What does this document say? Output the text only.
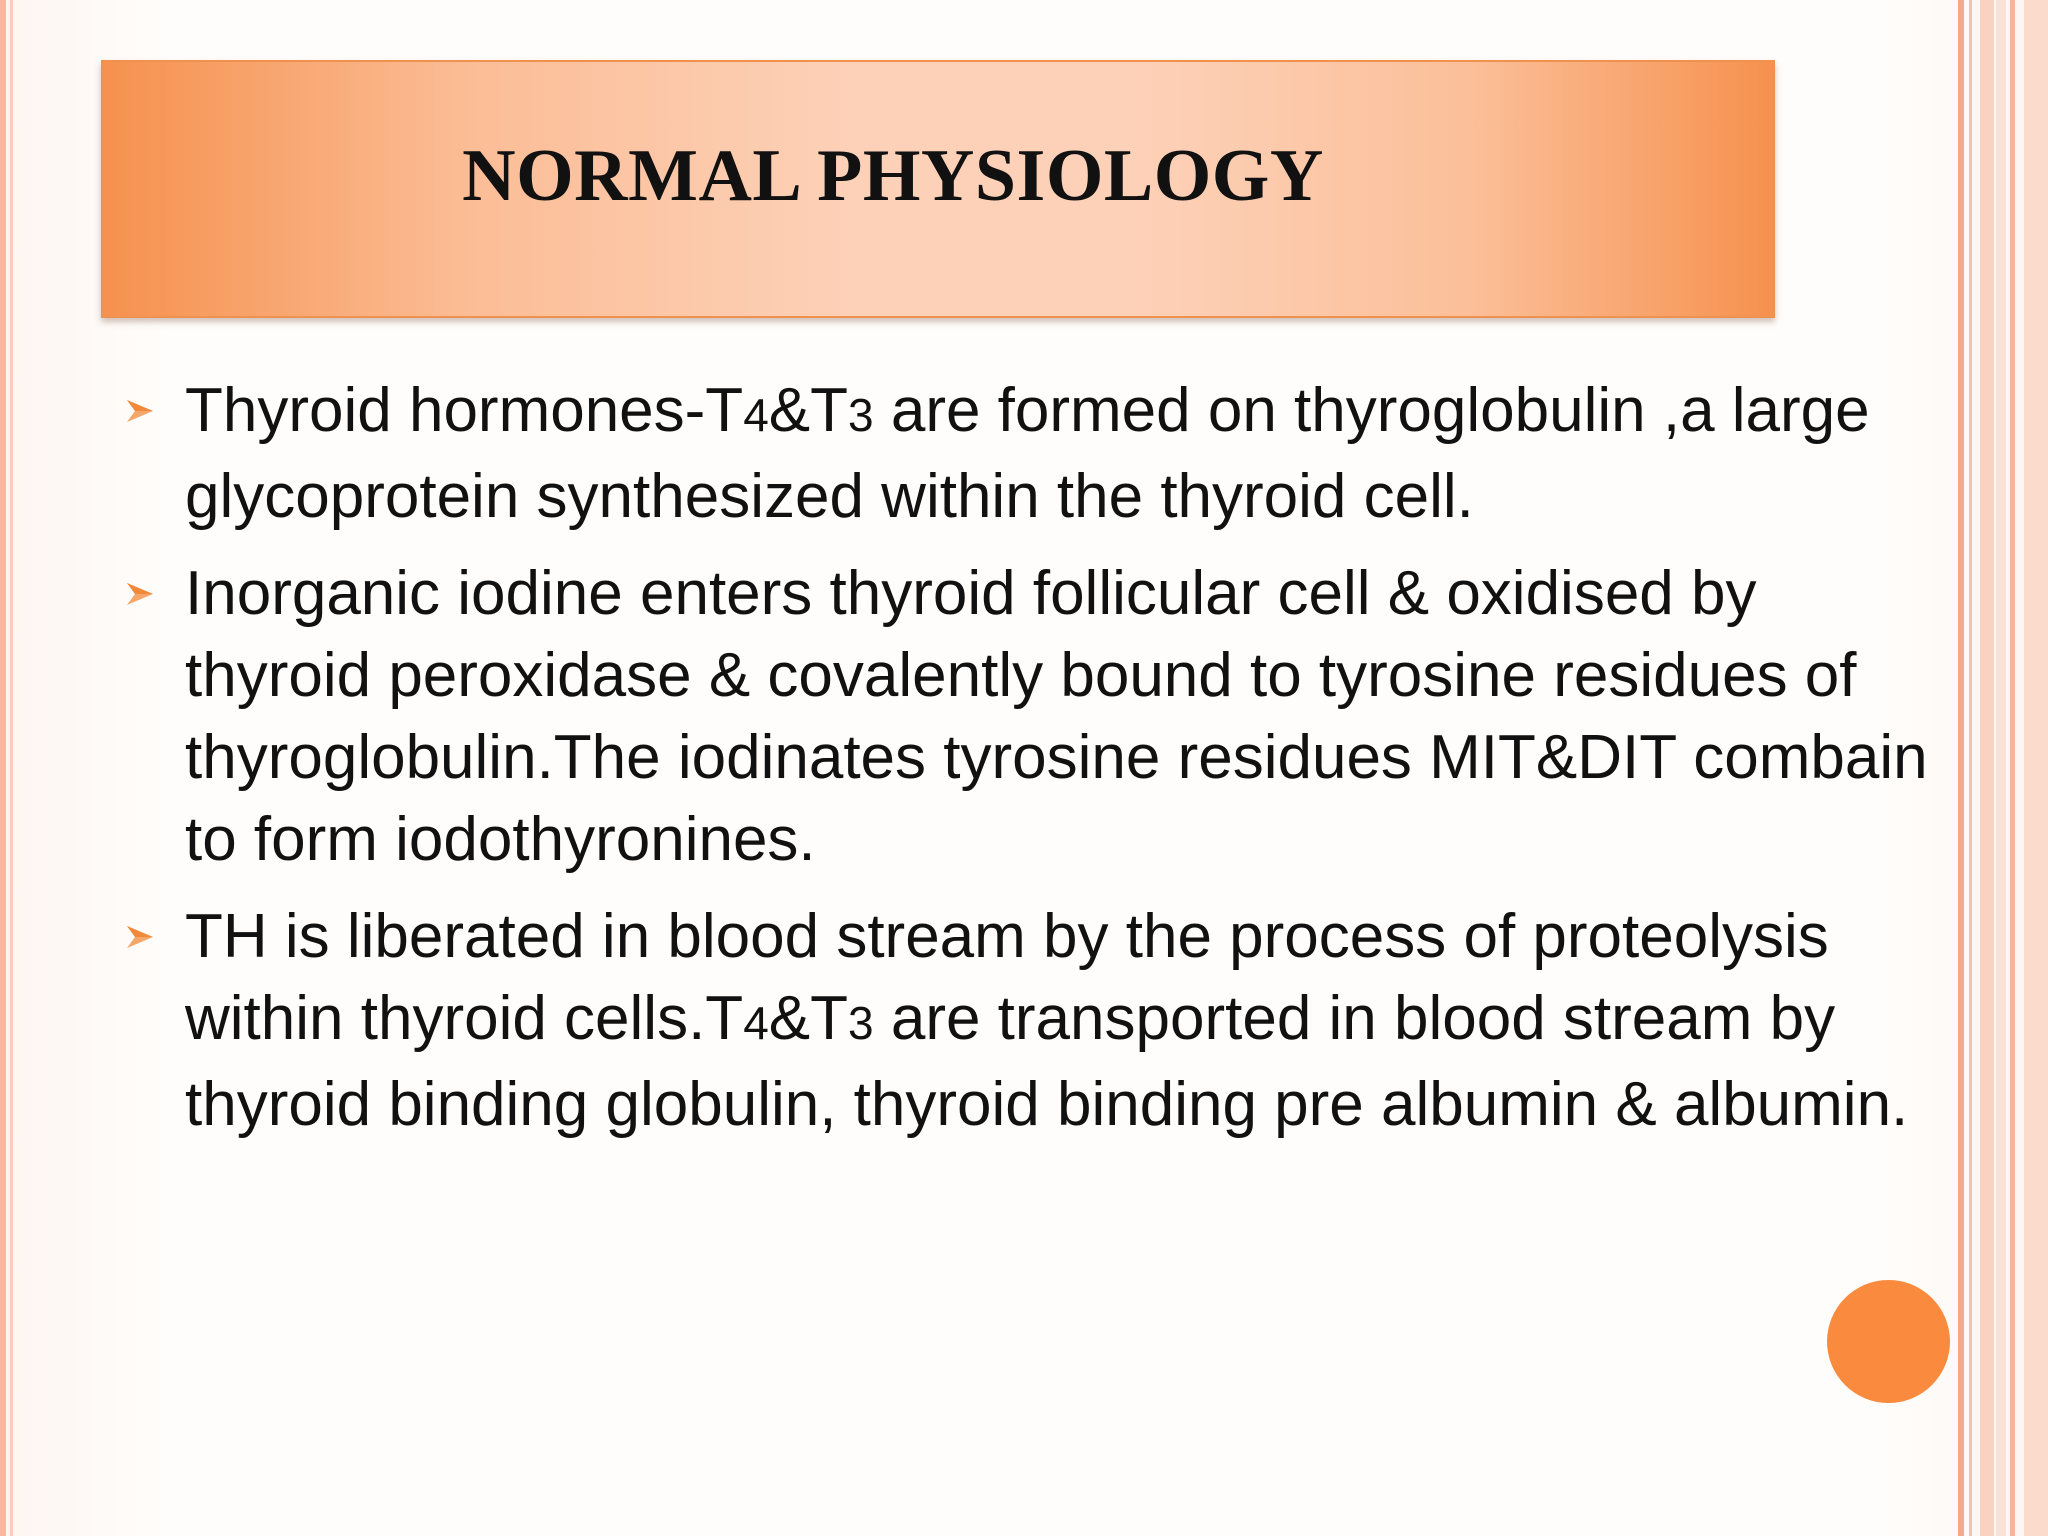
NORMAL PHYSIOLOGY
Thyroid hormones-T4&T3 are formed on thyroglobulin ,a large glycoprotein synthesized within the thyroid cell.
Inorganic iodine enters thyroid follicular cell & oxidised by thyroid peroxidase & covalently bound to tyrosine residues of thyroglobulin.The iodinates tyrosine residues MIT&DIT combain to form iodothyronines.
TH is liberated in blood stream by the process of proteolysis within thyroid cells.T4&T3 are transported in blood stream by thyroid binding globulin, thyroid binding pre albumin & albumin.
